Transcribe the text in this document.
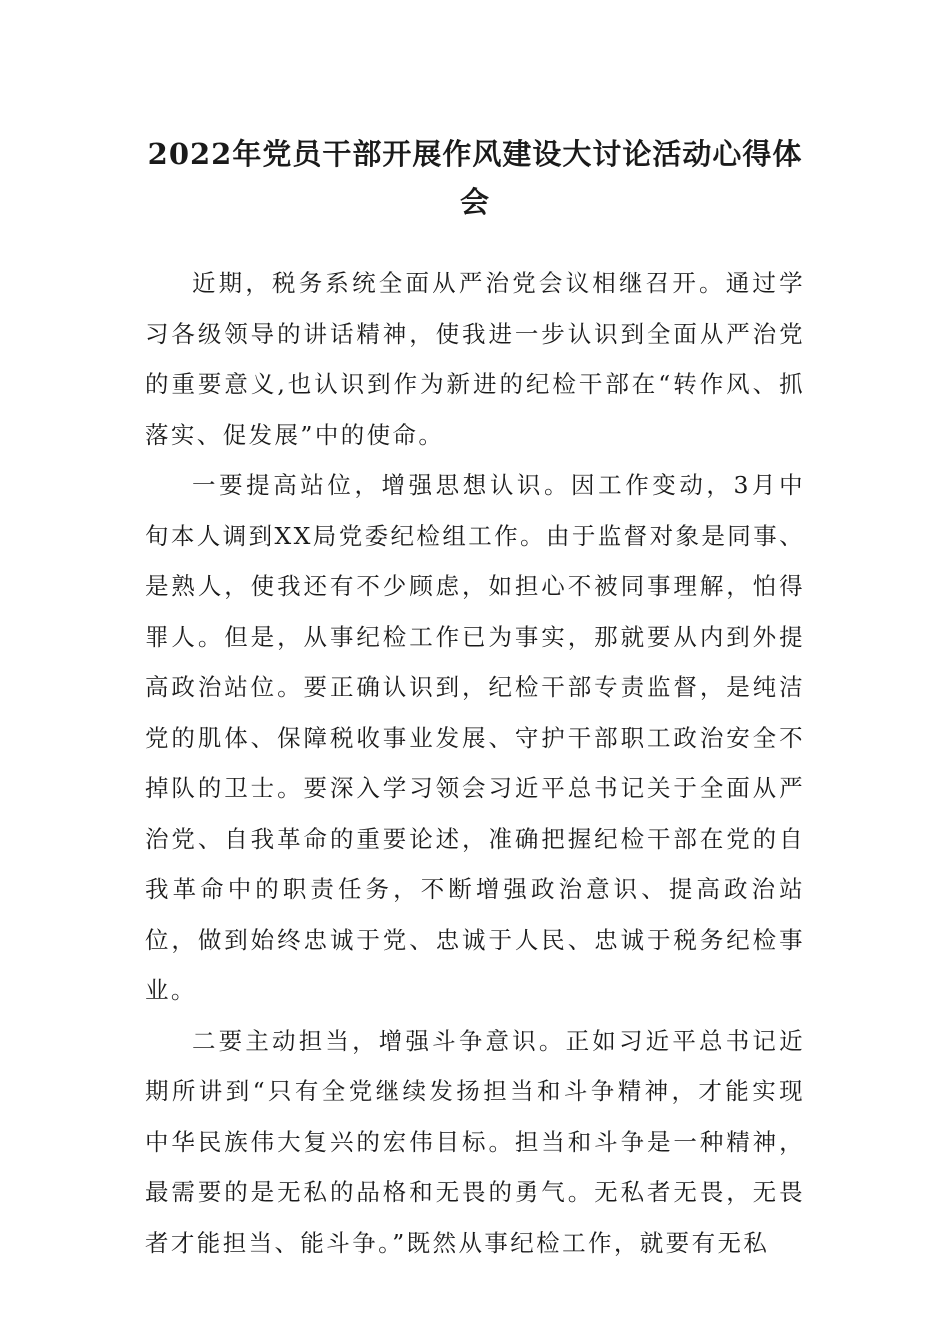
2022年党员干部开展作风建设大讨论活动心得体会

近期，税务系统全面从严治党会议相继召开。通过学习各级领导的讲话精神，使我进一步认识到全面从严治党的重要意义,也认识到作为新进的纪检干部在“转作风、抓落实、促发展”中的使命。

一要提高站位，增强思想认识。因工作变动，3月中旬本人调到XX局党委纪检组工作。由于监督对象是同事、是熟人，使我还有不少顾虑，如担心不被同事理解，怕得罪人。但是，从事纪检工作已为事实，那就要从内到外提高政治站位。要正确认识到，纪检干部专责监督，是纯洁党的肌体、保障税收事业发展、守护干部职工政治安全不掉队的卫士。要深入学习领会习近平总书记关于全面从严治党、自我革命的重要论述，准确把握纪检干部在党的自我革命中的职责任务，不断增强政治意识、提高政治站位，做到始终忠诚于党、忠诚于人民、忠诚于税务纪检事业。

二要主动担当，增强斗争意识。正如习近平总书记近期所讲到“只有全党继续发扬担当和斗争精神，才能实现中华民族伟大复兴的宏伟目标。担当和斗争是一种精神，最需要的是无私的品格和无畏的勇气。无私者无畏，无畏者才能担当、能斗争。”既然从事纪检工作，就要有无私
